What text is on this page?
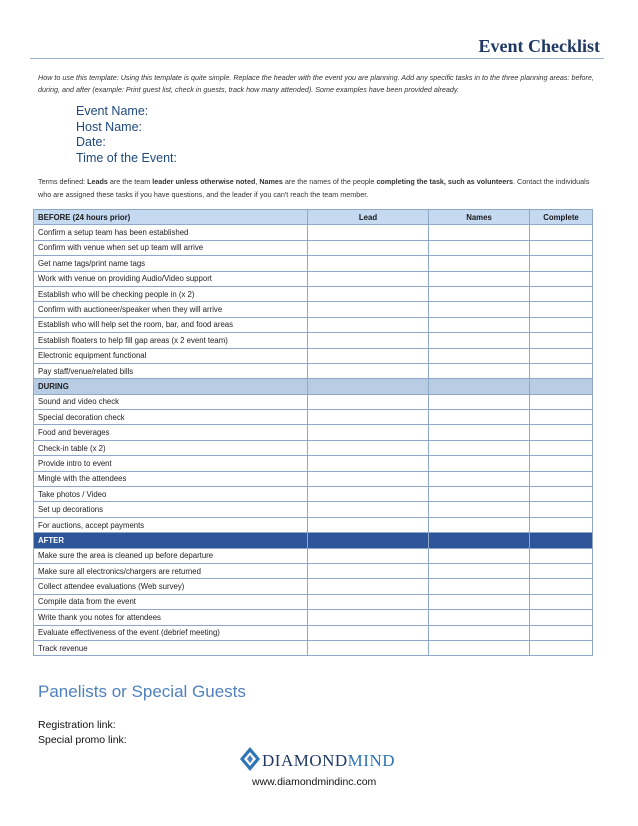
Event Checklist
How to use this template: Using this template is quite simple. Replace the header with the event you are planning. Add any specific tasks in to the three planning areas: before, during, and after (example: Print guest list, check in guests, track how many attended). Some examples have been provided already.
Event Name:
Host Name:
Date:
Time of the Event:
Terms defined: Leads are the team leader unless otherwise noted, Names are the names of the people completing the task, such as volunteers. Contact the individuals who are assigned these tasks if you have questions, and the leader if you can't reach the team member.
BEFORE (24 hours prior)	Lead	Names	Complete
Confirm a setup team has been established			
Confirm with venue when set up team will arrive			
Get name tags/print name tags			
Work with venue on providing Audio/Video support			
Establish who will be checking people in (x 2)			
Confirm with auctioneer/speaker when they will arrive			
Establish who will help set the room, bar, and food areas			
Establish floaters to help fill gap areas (x 2 event team)			
Electronic equipment functional			
Pay staff/venue/related bills			
DURING			
Sound and video check			
Special decoration check			
Food and beverages			
Check-in table (x 2)			
Provide intro to event			
Mingle with the attendees			
Take photos / Video			
Set up decorations			
For auctions, accept payments			
AFTER			
Make sure the area is cleaned up before departure			
Make sure all electronics/chargers are returned			
Collect attendee evaluations (Web survey)			
Compile data from the event			
Write thank you notes for attendees			
Evaluate effectiveness of the event (debrief meeting)			
Track revenue			
Panelists or Special Guests
Registration link:
Special promo link:
DIAMONDMIND
www.diamondmindinc.com
